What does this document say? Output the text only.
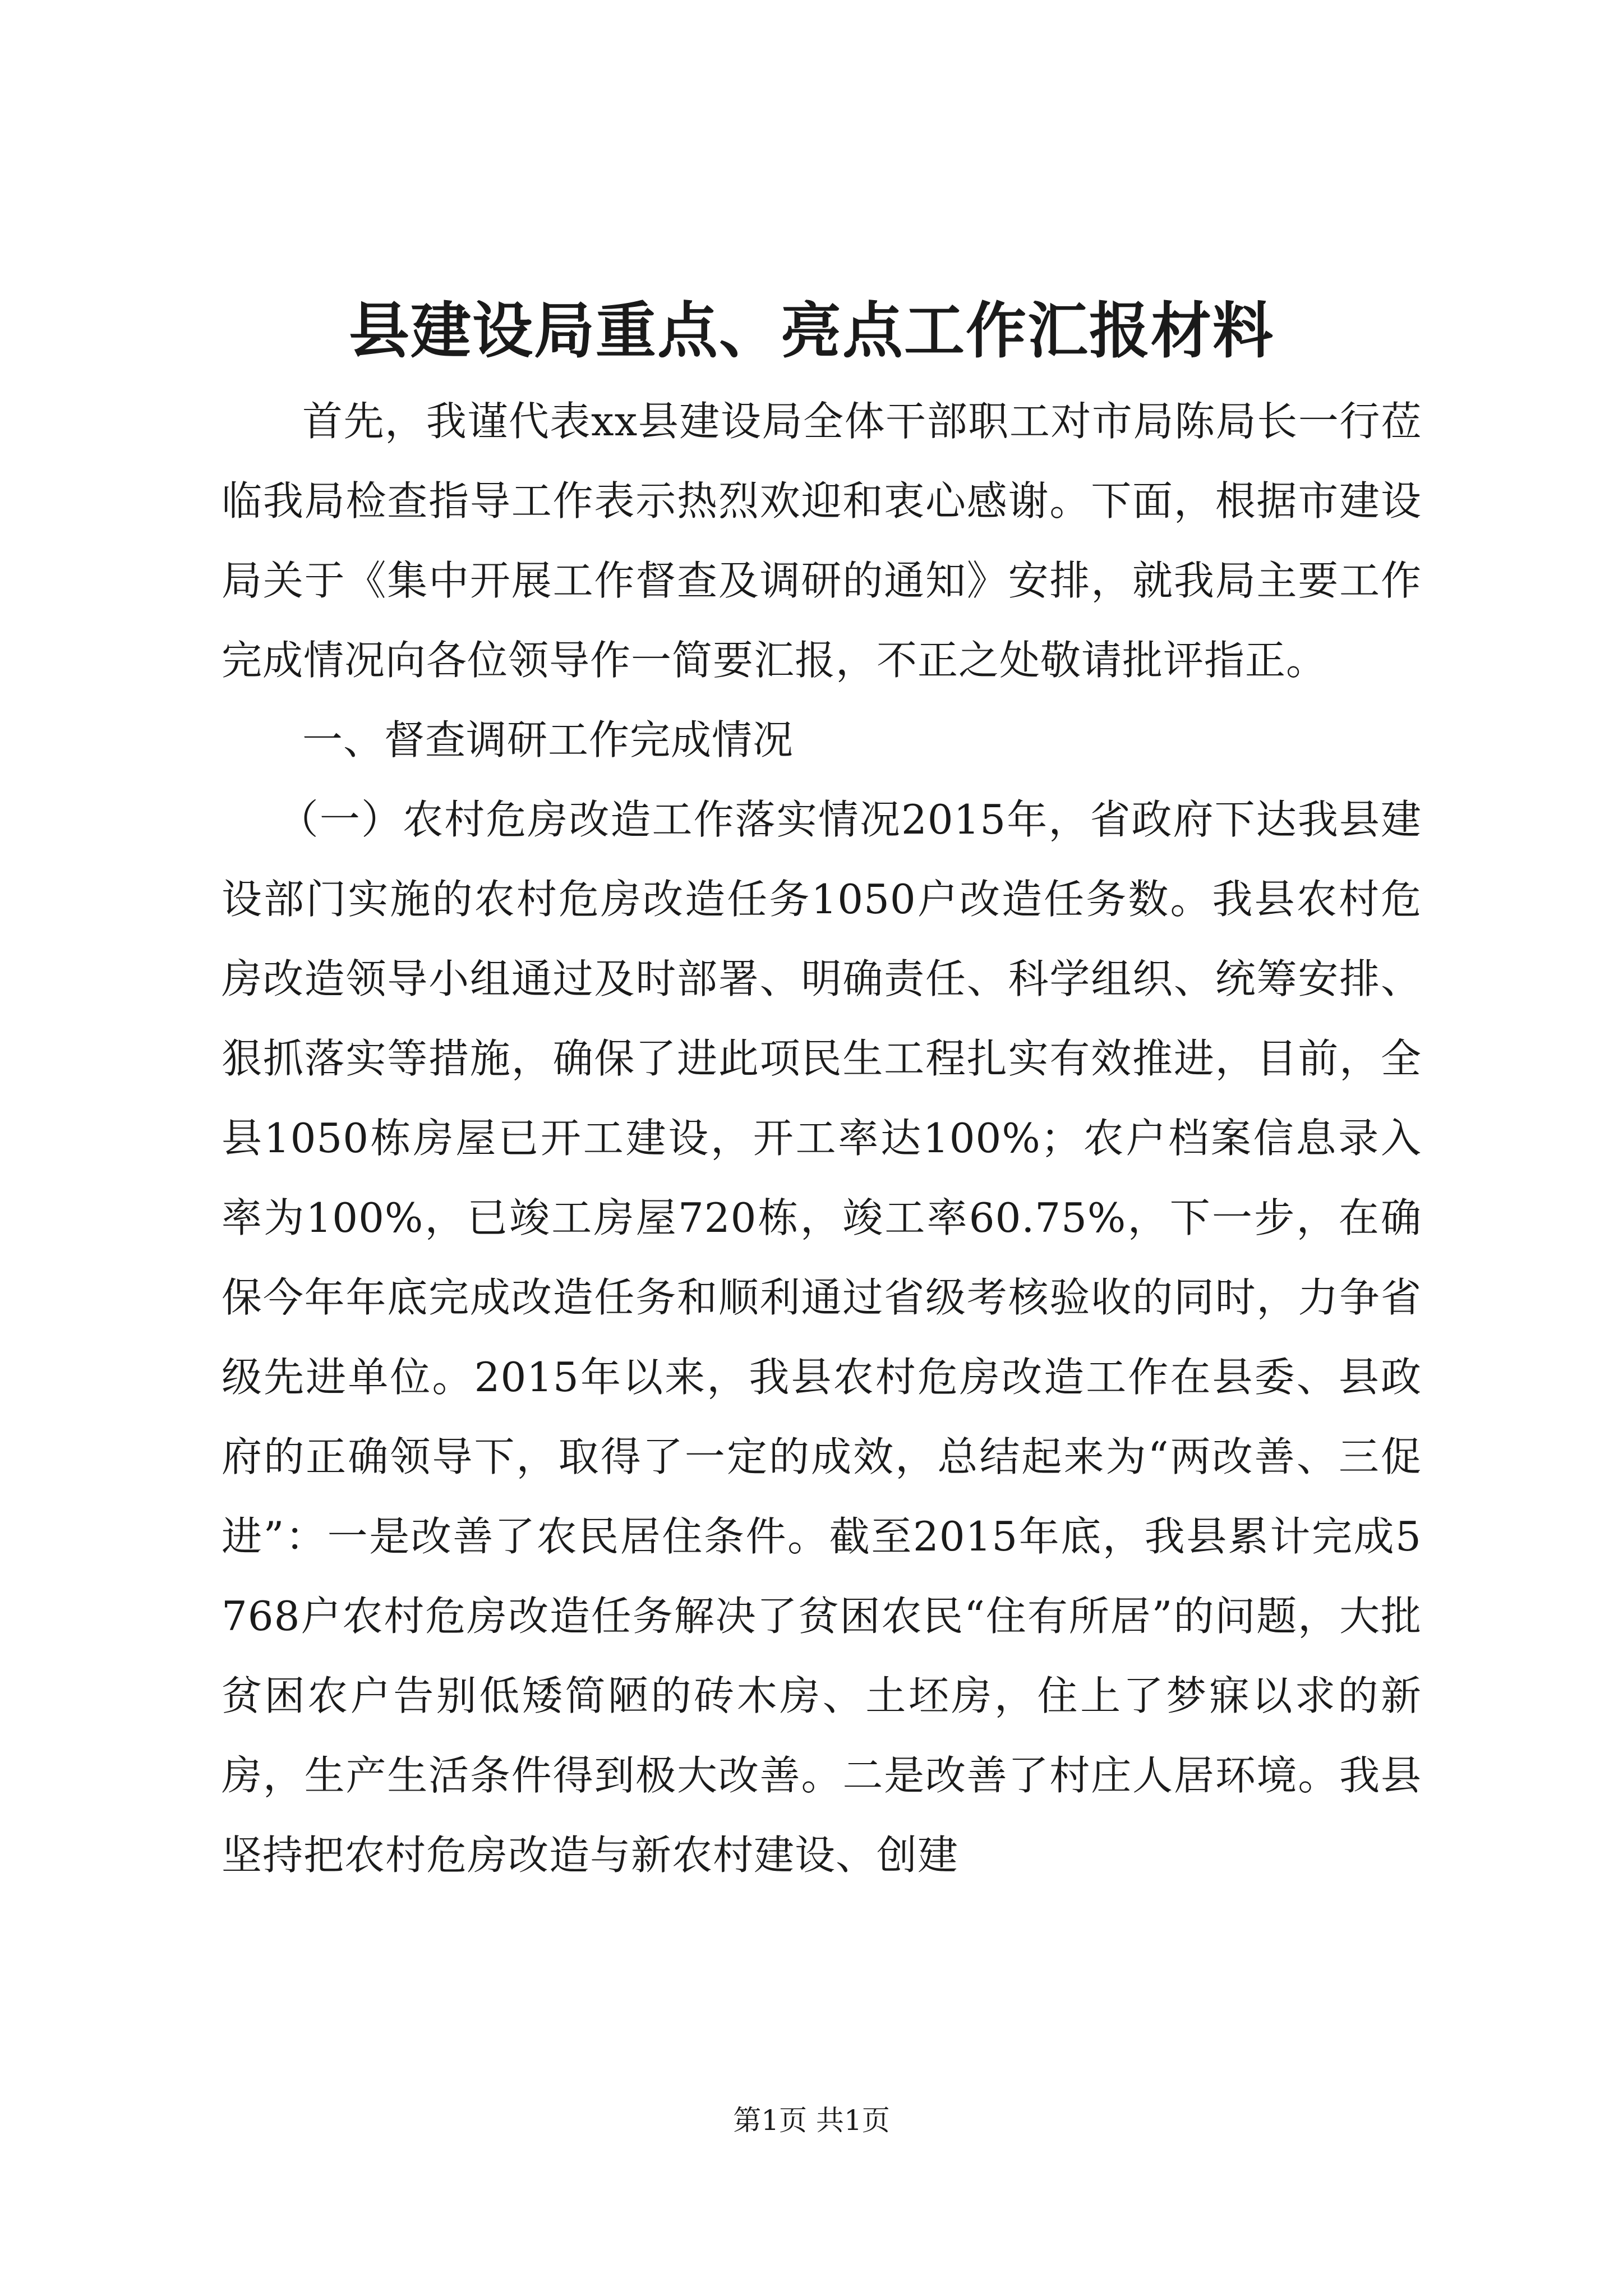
县建设局重点、亮点工作汇报材料

首先，我谨代表xx县建设局全体干部职工对市局陈局长一行莅临我局检查指导工作表示热烈欢迎和衷心感谢。下面，根据市建设局关于《集中开展工作督查及调研的通知》安排，就我局主要工作完成情况向各位领导作一简要汇报，不正之处敬请批评指正。

一、督查调研工作完成情况

（一）农村危房改造工作落实情况2015年，省政府下达我县建设部门实施的农村危房改造任务1050户改造任务数。我县农村危房改造领导小组通过及时部署、明确责任、科学组织、统筹安排、狠抓落实等措施，确保了进此项民生工程扎实有效推进，目前，全县1050栋房屋已开工建设，开工率达100%；农户档案信息录入率为100%，已竣工房屋720栋，竣工率60.75%，下一步，在确保今年年底完成改造任务和顺利通过省级考核验收的同时，力争省级先进单位。2015年以来，我县农村危房改造工作在县委、县政府的正确领导下，取得了一定的成效，总结起来为“两改善、三促进”：一是改善了农民居住条件。截至2015年底，我县累计完成5768户农村危房改造任务解决了贫困农民“住有所居”的问题，大批贫困农户告别低矮简陋的砖木房、土坯房，住上了梦寐以求的新房，生产生活条件得到极大改善。二是改善了村庄人居环境。我县坚持把农村危房改造与新农村建设、创建

第1页 共1页
